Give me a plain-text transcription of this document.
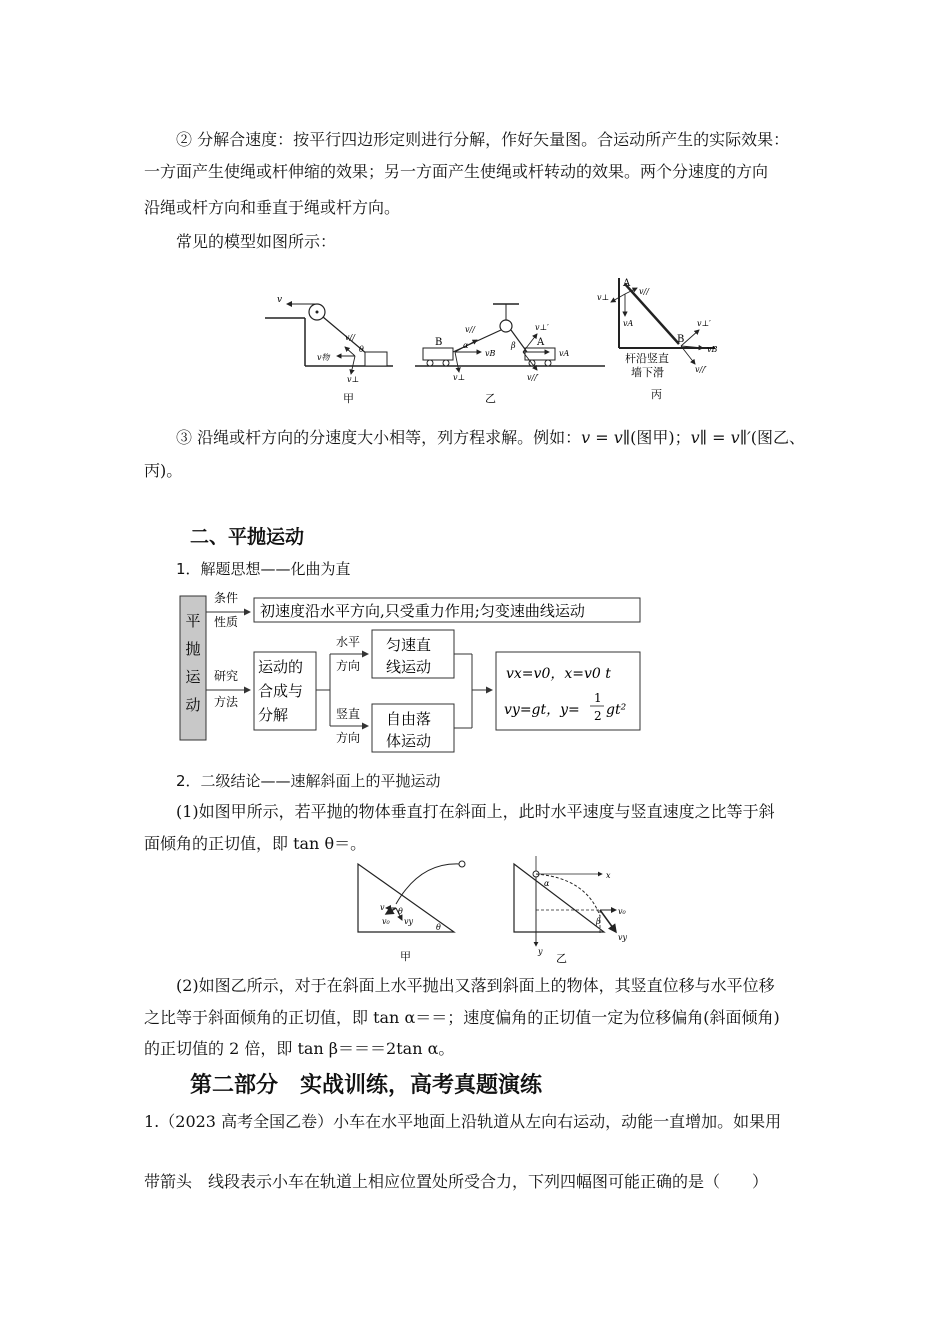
② 分解合速度：按平行四边形定则进行分解，作好矢量图。合运动所产生的实际效果：
一方面产生使绳或杆伸缩的效果；另一方面产生使绳或杆转动的效果。两个分速度的方向
沿绳或杆方向和垂直于绳或杆方向。
常见的模型如图所示：
v
v物
θ
v//
v⊥
B	A
α
v//
vB
v⊥
β
v⊥′
vA
v//′
A
B
v⊥
v//
vA	v⊥′
vB
v//′
杆沿竖直
墙下滑
甲	乙	丙
③ 沿绳或杆方向的分速度大小相等，列方程求解。例如：v = v∥(图甲)；v∥ = v∥′(图乙、
丙)。
二、平抛运动
1．解题思想——化曲为直
平
抛
运
动
条件
性质
初速度沿水平方向,只受重力作用;匀变速曲线运动
研究
方法
运动的
合成与
分解
水平
方向
竖直
方向
匀速直
线运动
自由落
体运动
vx=v0，x=v0 t
vy=gt，y=
1
2 gt²
2．二级结论——速解斜面上的平抛运动
(1)如图甲所示，若平抛的物体垂直打在斜面上，此时水平速度与竖直速度之比等于斜
面倾角的正切值，即 tan θ＝。
v
v₀ vy
θ
θ
α
x
β
v₀
y
vy
甲	乙
(2)如图乙所示，对于在斜面上水平抛出又落到斜面上的物体，其竖直位移与水平位移
之比等于斜面倾角的正切值，即 tan α＝＝；速度偏角的正切值一定为位移偏角(斜面倾角)
的正切值的 2 倍，即 tan β＝＝＝2tan α。
第二部分　实战训练，高考真题演练
1.（2023 高考全国乙卷）小车在水平地面上沿轨道从左向右运动，动能一直增加。如果用
带箭头　线段表示小车在轨道上相应位置处所受合力，下列四幅图可能正确的是（　　）
